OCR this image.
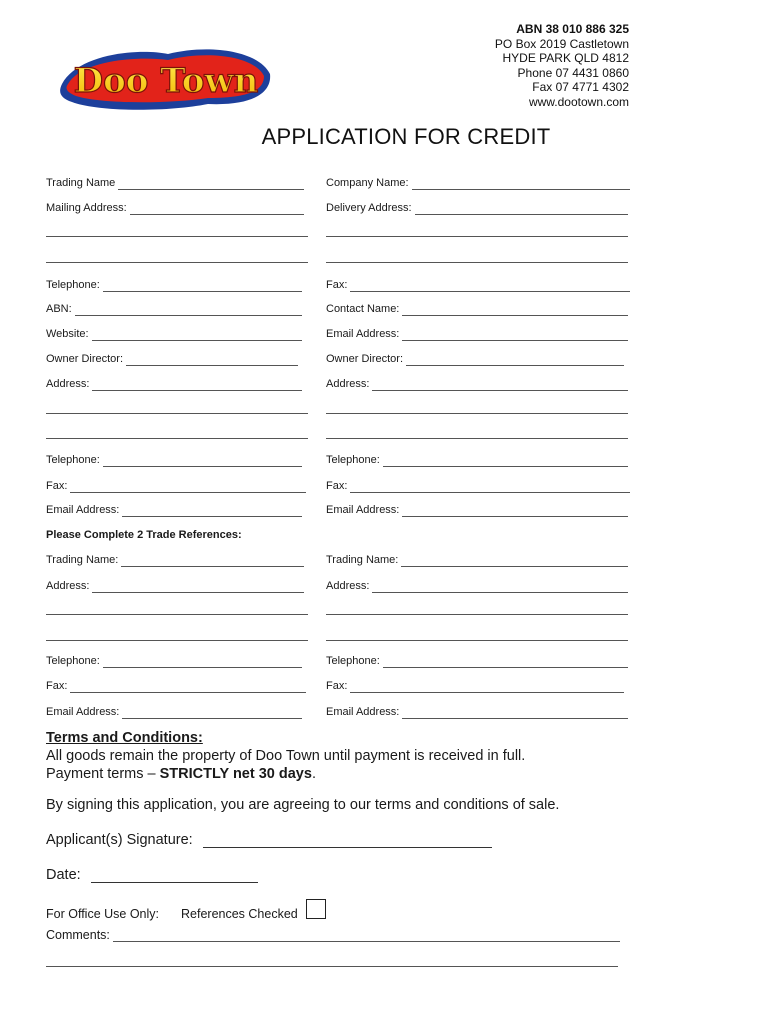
Doo Town
ABN 38 010 886 325
PO Box 2019 Castletown
HYDE PARK QLD 4812
Phone 07 4431 0860
Fax 07 4771 4302
www.dootown.com
APPLICATION FOR CREDIT
Trading Name	Company Name:
Mailing Address:	Delivery Address:
Telephone:	Fax:
ABN:	Contact Name:
Website:	Email Address:
Owner Director:	Owner Director:
Address:	Address:
Telephone:	Telephone:
Fax:	Fax:
Email Address:	Email Address:
Please Complete 2 Trade References:
Trading Name:	Trading Name:
Address:	Address:
Telephone:	Telephone:
Fax:	Fax:
Email Address:	Email Address:
Terms and Conditions:
All goods remain the property of Doo Town until payment is received in full.
Payment terms – STRICTLY net 30 days.
By signing this application, you are agreeing to our terms and conditions of sale.
Applicant(s) Signature:
Date:
For Office Use Only: References Checked
Comments:
